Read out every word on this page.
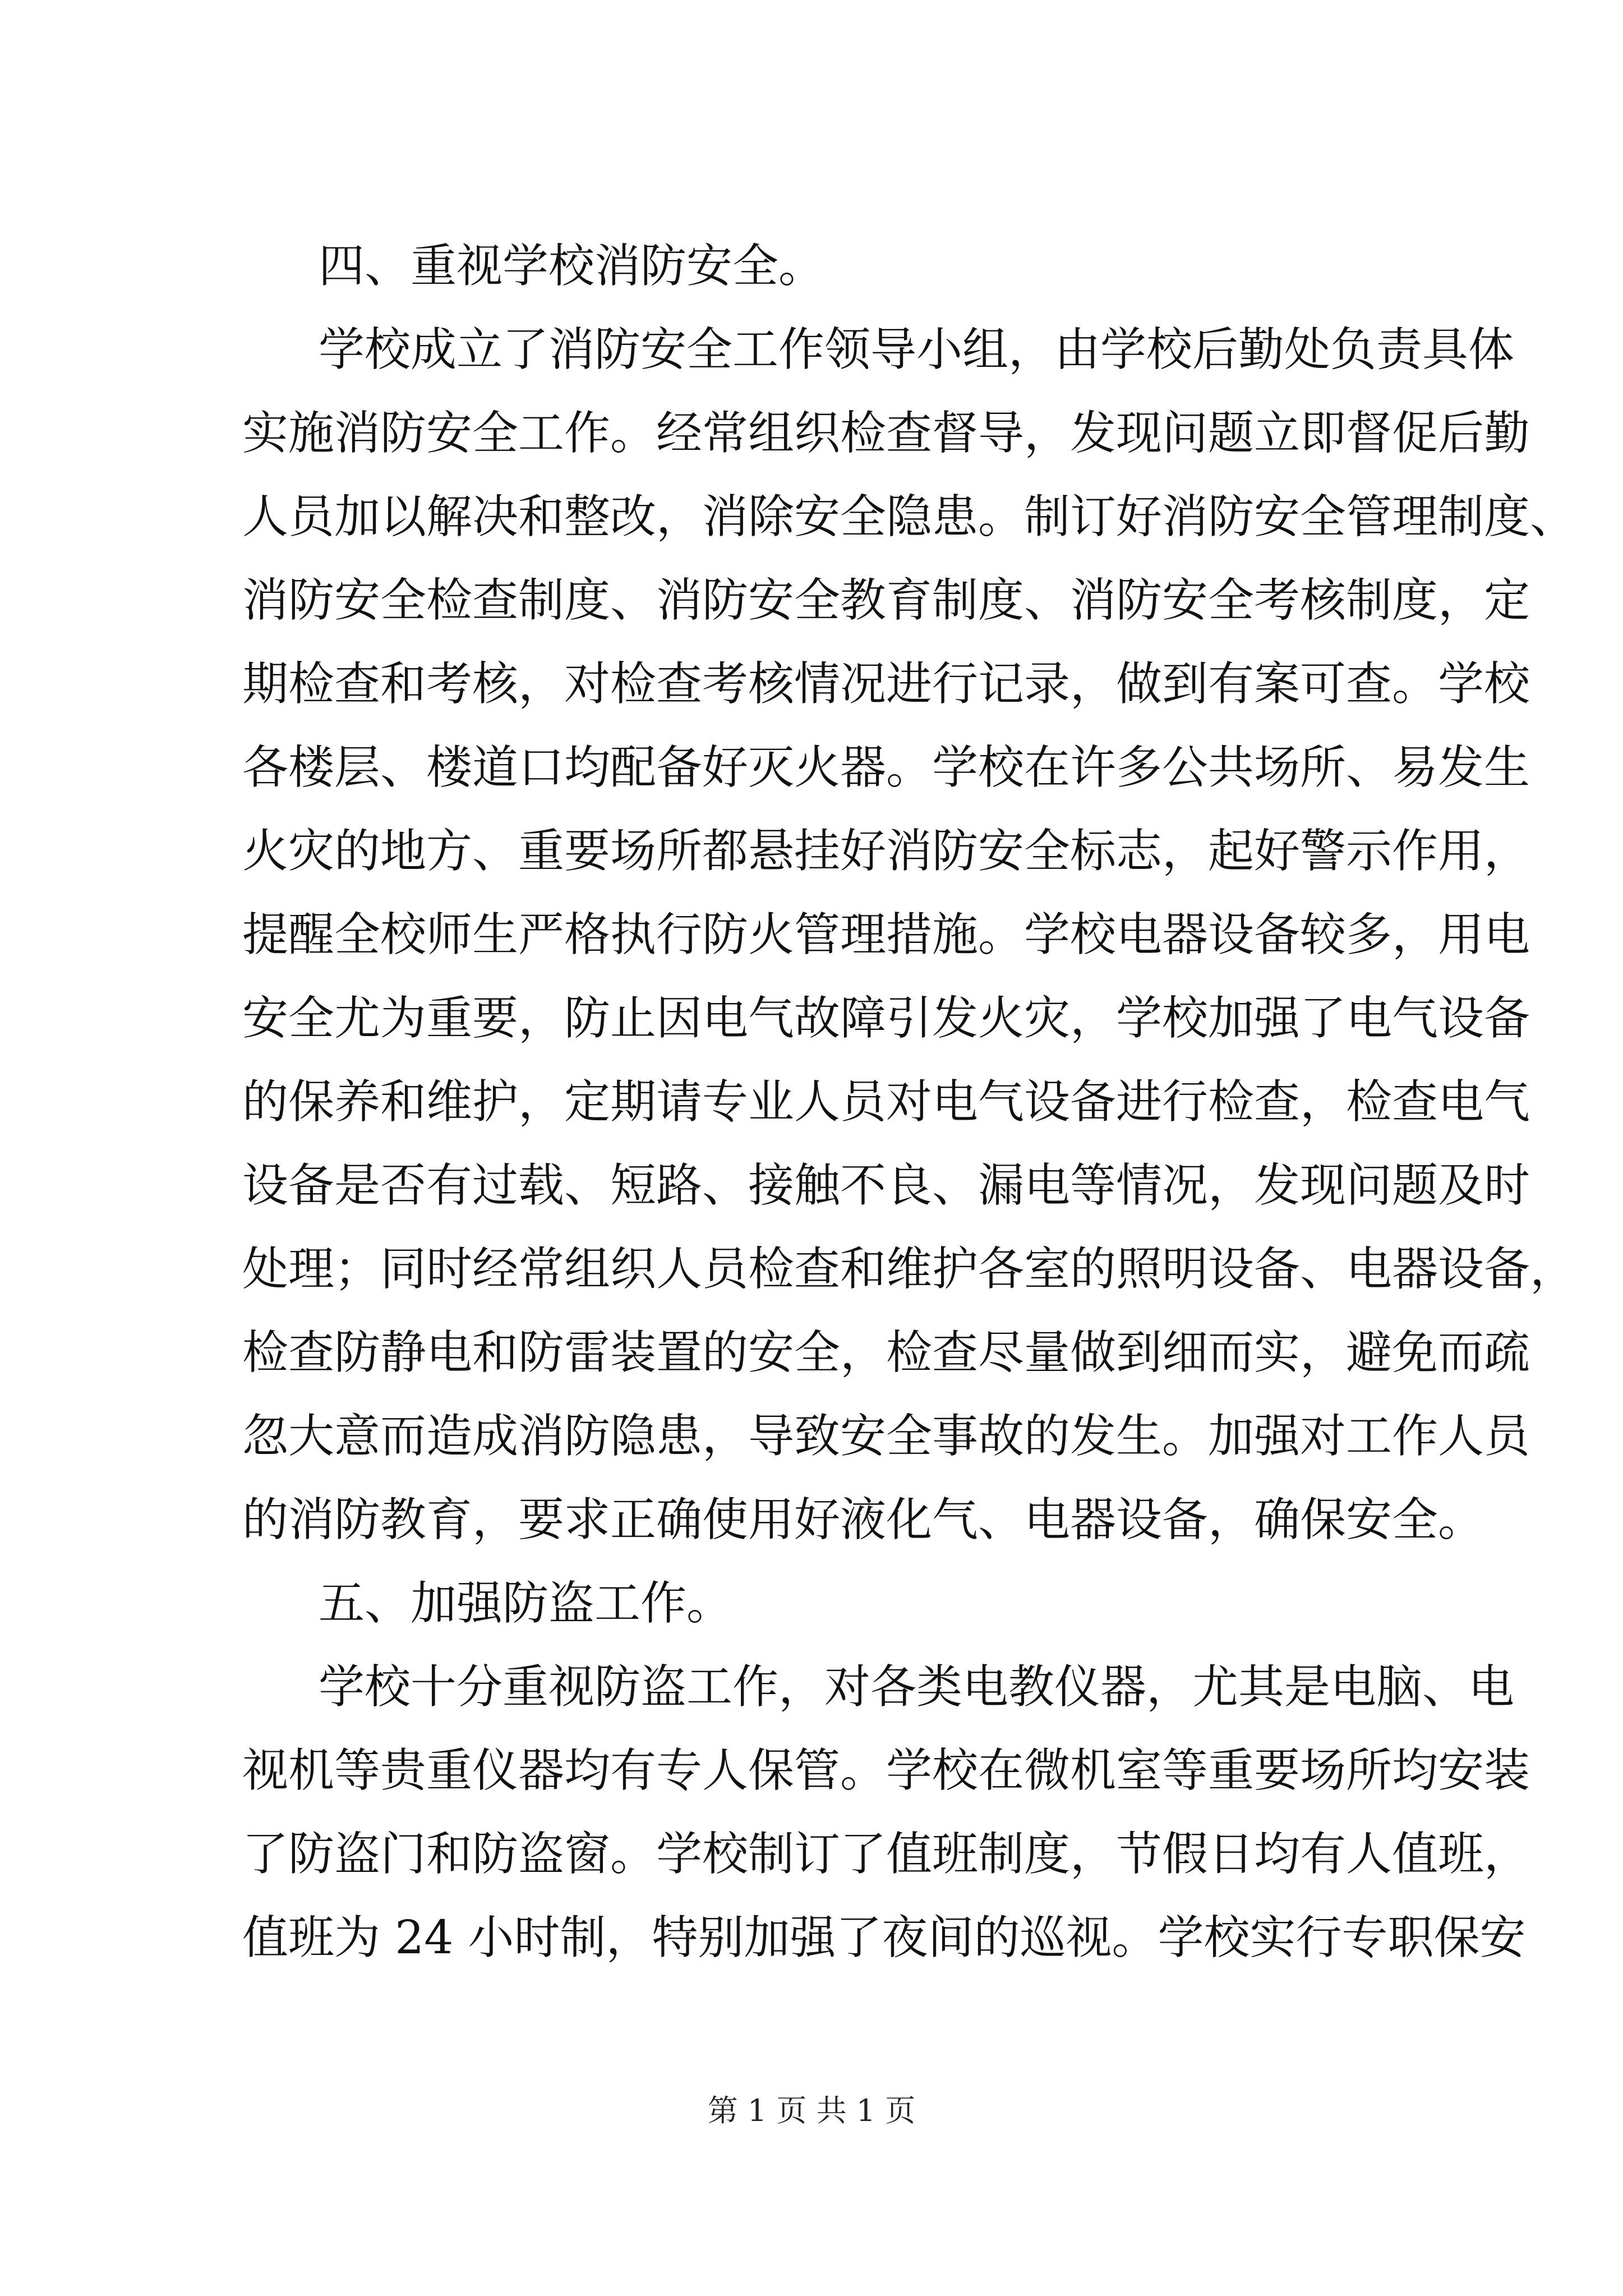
四、重视学校消防安全。
学校成立了消防安全工作领导小组，由学校后勤处负责具体
实施消防安全工作。经常组织检查督导，发现问题立即督促后勤
人员加以解决和整改，消除安全隐患。制订好消防安全管理制度、
消防安全检查制度、消防安全教育制度、消防安全考核制度，定
期检查和考核，对检查考核情况进行记录，做到有案可查。学校
各楼层、楼道口均配备好灭火器。学校在许多公共场所、易发生
火灾的地方、重要场所都悬挂好消防安全标志，起好警示作用，
提醒全校师生严格执行防火管理措施。学校电器设备较多，用电
安全尤为重要，防止因电气故障引发火灾，学校加强了电气设备
的保养和维护，定期请专业人员对电气设备进行检查，检查电气
设备是否有过载、短路、接触不良、漏电等情况，发现问题及时
处理；同时经常组织人员检查和维护各室的照明设备、电器设备，
检查防静电和防雷装置的安全，检查尽量做到细而实，避免而疏
忽大意而造成消防隐患，导致安全事故的发生。加强对工作人员
的消防教育，要求正确使用好液化气、电器设备，确保安全。
五、加强防盗工作。
学校十分重视防盗工作，对各类电教仪器，尤其是电脑、电
视机等贵重仪器均有专人保管。学校在微机室等重要场所均安装
了防盗门和防盗窗。学校制订了值班制度，节假日均有人值班，
值班为 24 小时制，特别加强了夜间的巡视。学校实行专职保安
第 1 页 共 1 页
